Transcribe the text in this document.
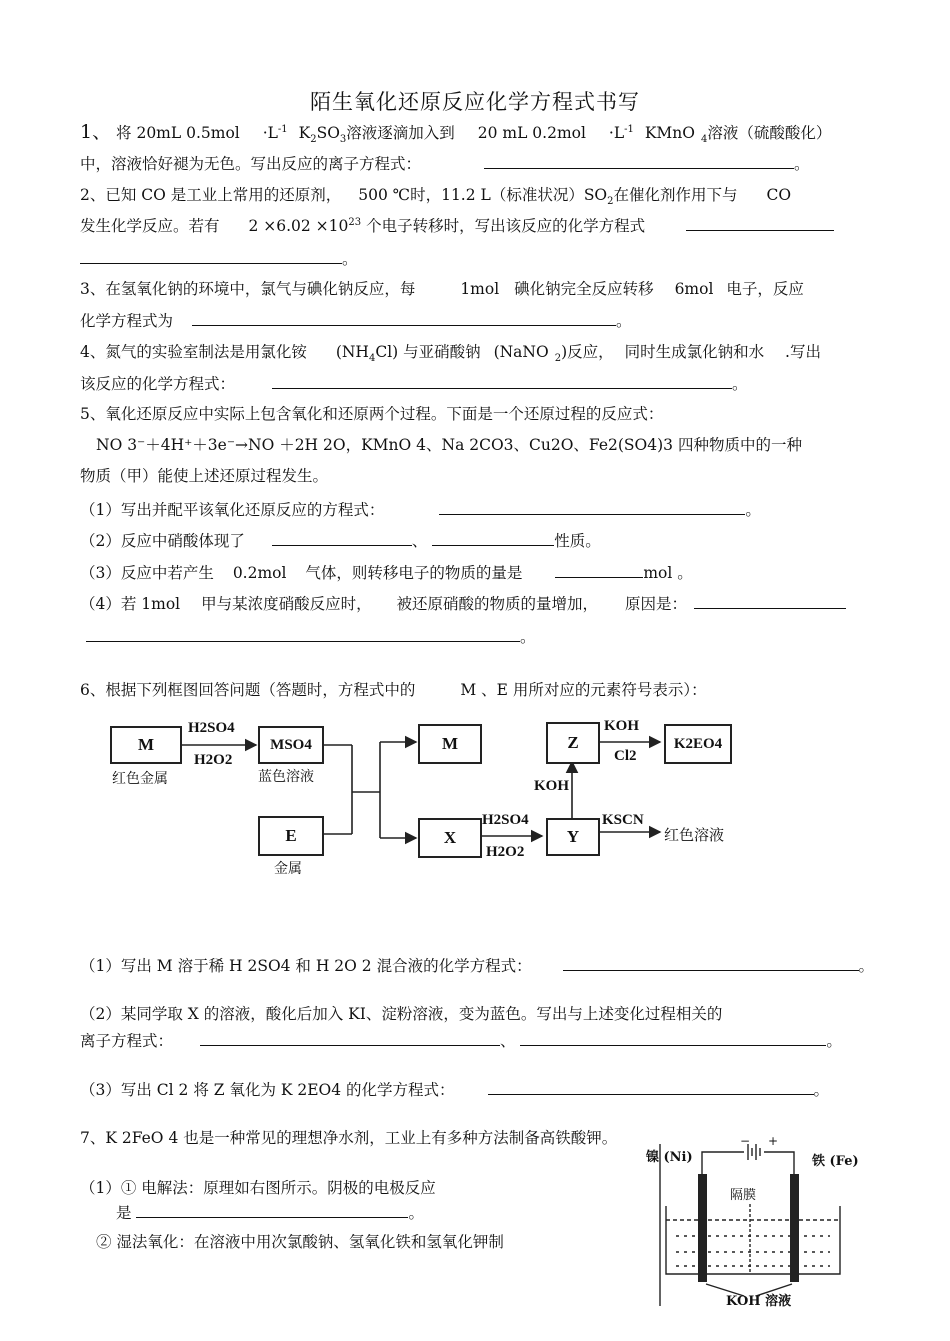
陌生氧化还原反应化学方程式书写
1、 将 20mL $0.5mol \cdot L^{-1}$ $K_2SO_3$溶液逐滴加入到 20 mL $0.2mol \cdot L^{-1}$ KMnO $_4$溶液（硫酸酸化）
中，溶液恰好褪为无色。写出反应的离子方程式：	。
2、已知 CO 是工业上常用的还原剂， 500 ℃时，11.2 L（标准状况）$SO_2$在催化剂作用下与 CO
发生化学反应。若有 $2 \times 6.02 \times 10^{23}$ 个电子转移时，写出该反应的化学方程式
。
3、在氢氧化钠的环境中，氯气与碘化钠反应，每	1mol 碘化钠完全反应转移 6mol 电子，反应
化学方程式为	。
4、氮气的实验室制法是用氯化铵 $(NH_4Cl)$ 与亚硝酸钠 (NaNO $_2$)反应， 同时生成氯化钠和水 .写出
该反应的化学方程式：	。
5、氧化还原反应中实际上包含氧化和还原两个过程。下面是一个还原过程的反应式：
NO 3⁻＋4H⁺＋3e⁻→NO ＋2H 2O，KMnO 4、Na 2CO3、Cu2O、Fe2(SO4)3 四种物质中的一种
物质（甲）能使上述还原过程发生。
（1）写出并配平该氧化还原反应的方程式：	。
（2）反应中硝酸体现了	、	性质。
（3）反应中若产生 0.2mol 气体，则转移电子的物质的量是	mol 。
（4）若 1mol 甲与某浓度硝酸反应时， 被还原硝酸的物质的量增加， 原因是：
。
6、根据下列框图回答问题（答题时，方程式中的	M 、E 用所对应的元素符号表示）：
M	MSO4	M	Z	K2EO4
E	X	Y
红色金属	蓝色溶液
金属
红色溶液
H2SO4
H2O2
H2SO4
H2O2
KOH
Cl2
KOH
KSCN
（1）写出 M 溶于稀 H 2SO4 和 H 2O 2 混合液的化学方程式：	。
（2）某同学取 X 的溶液，酸化后加入 KI、淀粉溶液，变为蓝色。写出与上述变化过程相关的
离子方程式：	、	。
（3）写出 Cl 2 将 Z 氧化为 K 2EO4 的化学方程式：	。
7、K 2FeO 4 也是一种常见的理想净水剂，工业上有多种方法制备高铁酸钾。
（1）① 电解法：原理如右图所示。阴极的电极反应
是	。
② 湿法氧化：在溶液中用次氯酸钠、氢氧化铁和氢氧化钾制
镍 (Ni)	铁 (Fe)
− +
隔膜
KOH 溶液
